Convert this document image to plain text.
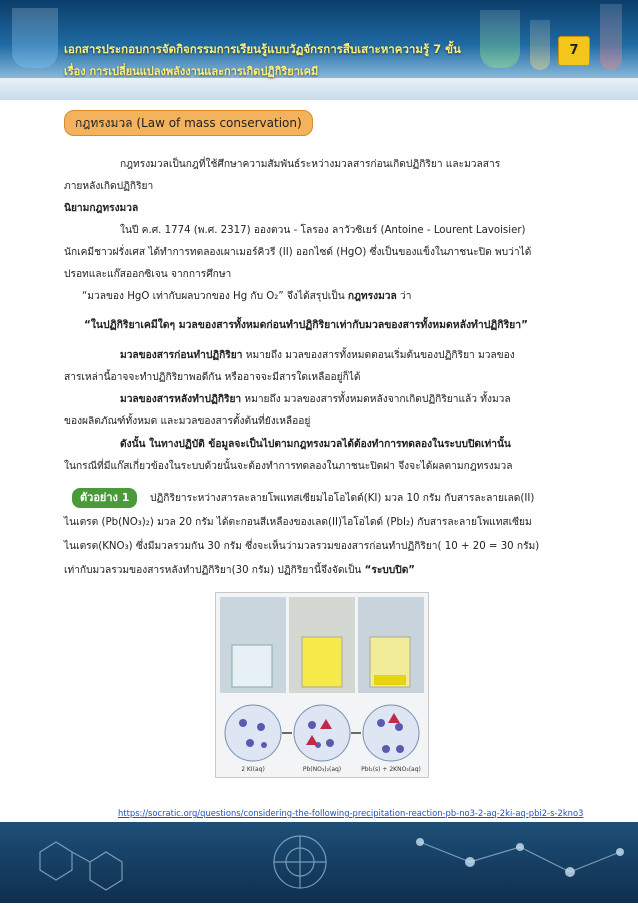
เอกสารประกอบการจัดกิจกรรมการเรียนรู้แบบวัฏจักรการสืบเสาะหาความรู้ 7 ขั้น
เรื่อง การเปลี่ยนแปลงพลังงานและการเกิดปฏิกิริยาเคมี
7
กฎทรงมวล (Law of mass conservation)
กฎทรงมวลเป็นกฎที่ใช้ศึกษาความสัมพันธ์ระหว่างมวลสารก่อนเกิดปฏิกิริยา และมวลสาร
ภายหลังเกิดปฏิกิริยา
นิยามกฎทรงมวล
ในปี ค.ศ. 1774 (พ.ศ. 2317) อองตวน - โลรอง ลาวัวซิเยร์ (Antoine - Lourent Lavoisier)
นักเคมีชาวฝรั่งเศส ได้ทำการทดลองเผาเมอร์คิวรี (II) ออกไซด์ (HgO) ซึ่งเป็นของแข็งในภาชนะปิด พบว่าได้
ปรอทและแก๊สออกซิเจน จากการศึกษา
“มวลของ HgO เท่ากับผลบวกของ Hg กับ O₂” จึงได้สรุปเป็น กฎทรงมวล ว่า
“ในปฏิกิริยาเคมีใดๆ มวลของสารทั้งหมดก่อนทำปฏิกิริยาเท่ากับมวลของสารทั้งหมดหลังทำปฏิกิริยา”
มวลของสารก่อนทำปฏิกิริยา หมายถึง มวลของสารทั้งหมดตอนเริ่มต้นของปฏิกิริยา มวลของ
สารเหล่านี้อาจจะทำปฏิกิริยาพอดีกัน หรืออาจจะมีสารใดเหลืออยู่ก็ได้
มวลของสารหลังทำปฏิกิริยา หมายถึง มวลของสารทั้งหมดหลังจากเกิดปฏิกิริยาแล้ว ทั้งมวล
ของผลิตภัณฑ์ทั้งหมด และมวลของสารตั้งต้นที่ยังเหลืออยู่
ดังนั้น ในทางปฏิบัติ ข้อมูลจะเป็นไปตามกฎทรงมวลได้ต้องทำการทดลองในระบบปิดเท่านั้น
ในกรณีที่มีแก๊สเกี่ยวข้องในระบบด้วยนั้นจะต้องทำการทดลองในภาชนะปิดฝา จึงจะได้ผลตามกฎทรงมวล
ตัวอย่าง 1	ปฏิกิริยาระหว่างสารละลายโพแทสเซียมไอโอไดด์(KI) มวล 10 กรัม กับสารละลายเลด(II)
ไนเตรต (Pb(NO₃)₂) มวล 20 กรัม ได้ตะกอนสีเหลืองของเลด(II)ไอโอไดด์ (PbI₂) กับสารละลายโพแทสเซียม
ไนเตรต(KNO₃) ซึ่งมีมวลรวมกัน 30 กรัม ซึ่งจะเห็นว่ามวลรวมของสารก่อนทำปฏิกิริยา( 10 + 20 = 30 กรัม)
เท่ากับมวลรวมของสารหลังทำปฏิกิริยา(30 กรัม) ปฏิกิริยานี้จึงจัดเป็น “ระบบปิด”
2 KI(aq)	Pb(NO₃)₂(aq)	PbI₂(s) + 2KNO₃(aq)
https://socratic.org/questions/considering-the-following-precipitation-reaction-pb-no3-2-aq-2ki-aq-pbi2-s-2kno3
